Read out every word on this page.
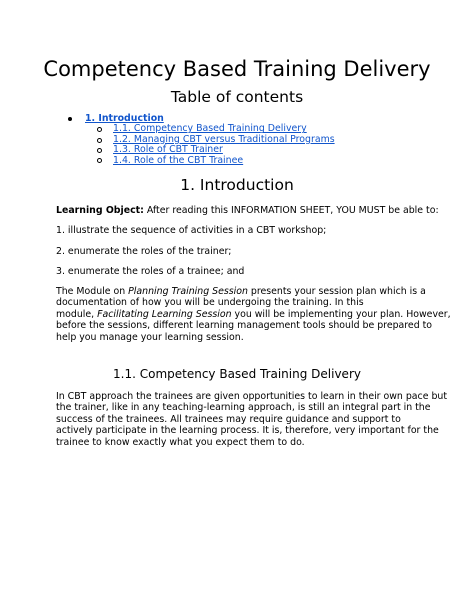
Competency Based Training Delivery
Table of contents
1. Introduction
1.1. Competency Based Training Delivery
1.2. Managing CBT versus Traditional Programs
1.3. Role of CBT Trainer
1.4. Role of the CBT Trainee
1. Introduction
Learning Object: After reading this INFORMATION SHEET, YOU MUST be able to:
1. illustrate the sequence of activities in a CBT workshop;
2. enumerate the roles of the trainer;
3. enumerate the roles of a trainee; and
The Module on Planning Training Session presents your session plan which is a
documentation of how you will be undergoing the training. In this
module, Facilitating Learning Session you will be implementing your plan. However,
before the sessions, different learning management tools should be prepared to
help you manage your learning session.
1.1. Competency Based Training Delivery
In CBT approach the trainees are given opportunities to learn in their own pace but
the trainer, like in any teaching-learning approach, is still an integral part in the
success of the trainees. All trainees may require guidance and support to
actively participate in the learning process. It is, therefore, very important for the
trainee to know exactly what you expect them to do.
